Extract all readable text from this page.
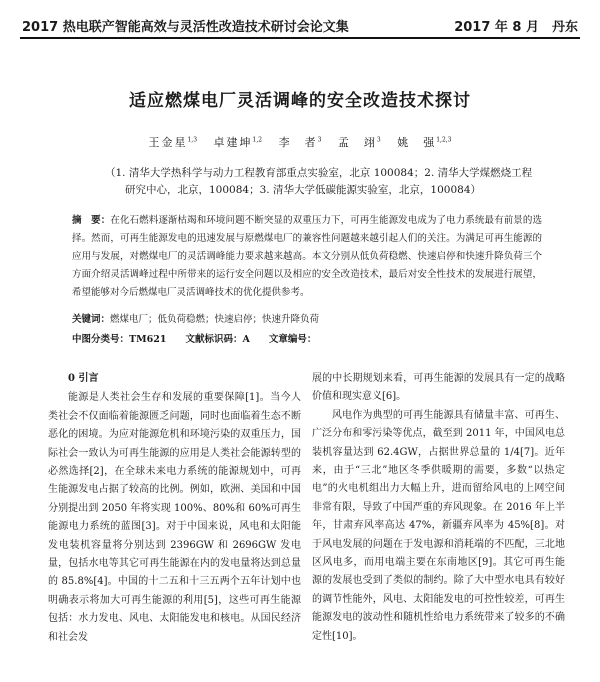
2017 热电联产智能高效与灵活性改造技术研讨会论文集	2017 年 8 月　丹东
适应燃煤电厂灵活调峰的安全改造技术探讨
王金星$^{1,3}$ 卓建坤$^{1,2}$ 李　者$^3$ 孟　翊$^3$ 姚　强$^{1,2,3}$
（1. 清华大学热科学与动力工程教育部重点实验室，北京 100084；2. 清华大学煤燃烧工程
研究中心，北京，100084；3. 清华大学低碳能源实验室，北京，100084）
摘　要：在化石燃料逐渐枯竭和环境问题不断突显的双重压力下，可再生能源发电成为了电力系统最有前景的选择。然而，可再生能源发电的迅速发展与原燃煤电厂的兼容性问题越来越引起人们的关注。为满足可再生能源的应用与发展，对燃煤电厂的灵活调峰能力要求越来越高。本文分别从低负荷稳燃、快速启停和快速升降负荷三个方面介绍灵活调峰过程中所带来的运行安全问题以及相应的安全改造技术，最后对安全性技术的发展进行展望，希望能够对今后燃煤电厂灵活调峰技术的优化提供参考。
关键词：燃煤电厂；低负荷稳燃；快速启停；快速升降负荷
中图分类号：TM621 文献标识码：A 文章编号：
0 引言

能源是人类社会生存和发展的重要保障[1]。当今人类社会不仅面临着能源匮乏问题，同时也面临着生态不断恶化的困境。为应对能源危机和环境污染的双重压力，国际社会一致认为可再生能源的应用是人类社会能源转型的必然选择[2]，在全球未来电力系统的能源规划中，可再生能源发电占据了较高的比例。例如，欧洲、美国和中国分别提出到 2050 年将实现 100%、80%和 60%可再生能源电力系统的蓝图[3]。对于中国来说，风电和太阳能发电装机容量将分别达到 2396GW 和 2696GW 发电量，包括水电等其它可再生能源在内的发电量将达到总量的 85.8%[4]。中国的十二五和十三五两个五年计划中也明确表示将加大可再生能源的利用[5]，这些可再生能源包括：水力发电、风电、太阳能发电和核电。从国民经济和社会发

展的中长期规划来看，可再生能源的发展具有一定的战略价值和现实意义[6]。

风电作为典型的可再生能源具有储量丰富、可再生、广泛分布和零污染等优点，截至到 2011 年，中国风电总装机容量达到 62.4GW，占据世界总量的 1/4[7]。近年来，由于“三北”地区冬季供暖期的需要，多数“以热定电”的火电机组出力大幅上升，进而留给风电的上网空间非常有限，导致了中国严重的弃风现象。在 2016 年上半年，甘肃弃风率高达 47%，新疆弃风率为 45%[8]。对于风电发展的问题在于发电源和消耗端的不匹配，三北地区风电多，而用电端主要在东南地区[9]。其它可再生能源的发展也受到了类似的制约。除了大中型水电具有较好的调节性能外，风电、太阳能发电的可控性较差，可再生能源发电的波动性和随机性给电力系统带来了较多的不确定性[10]。
